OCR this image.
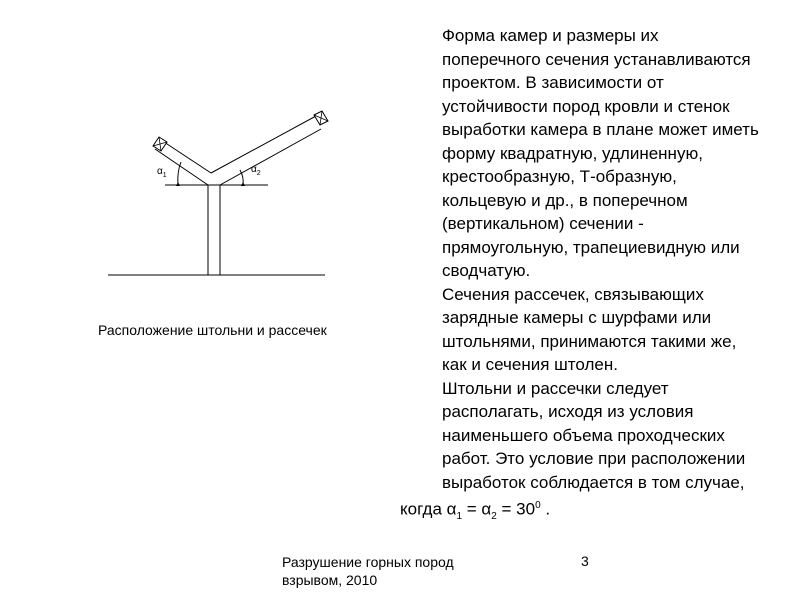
$\alpha_1$
$\alpha_2$
Расположение штольни и рассечек

Форма камер и размеры их
поперечного сечения устанавливаются
проектом. В зависимости от
устойчивости пород кровли и стенок
выработки камера в плане может иметь
форму квадратную, удлиненную,
крестообразную, Т-образную,
кольцевую и др., в поперечном
(вертикальном) сечении -
прямоугольную, трапециевидную или
сводчатую.

Сечения рассечек, связывающих
зарядные камеры с шурфами или
штольнями, принимаются такими же,
как и сечения штолен.

Штольни и рассечки следует
располагать, исходя из условия
наименьшего объема проходческих
работ. Это условие при расположении
выработок соблюдается в том случае,

когда $\alpha_1 = \alpha_2 = 30^0$ .
Разрушение горных пород
взрывом, 2010
3
